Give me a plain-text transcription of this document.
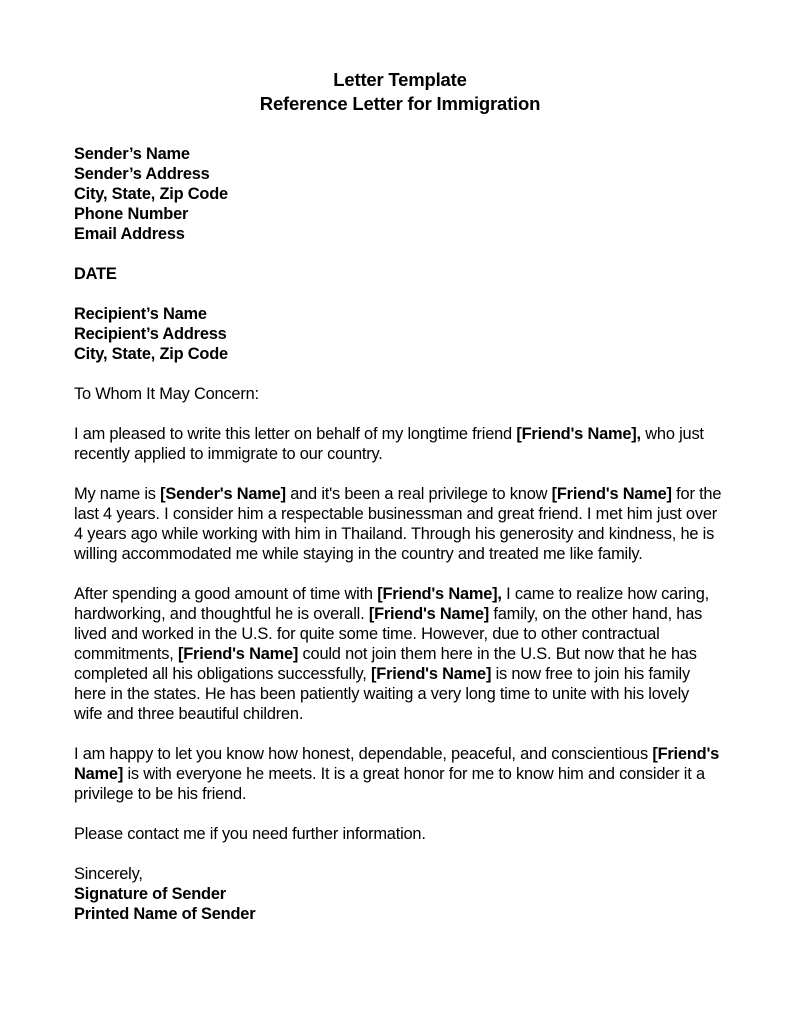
Letter Template
Reference Letter for Immigration
Sender’s Name
Sender’s Address
City, State, Zip Code
Phone Number
Email Address
DATE
Recipient’s Name
Recipient’s Address
City, State, Zip Code
To Whom It May Concern:
I am pleased to write this letter on behalf of my longtime friend [Friend's Name], who just
recently applied to immigrate to our country.
My name is [Sender's Name] and it's been a real privilege to know [Friend's Name] for the
last 4 years. I consider him a respectable businessman and great friend. I met him just over
4 years ago while working with him in Thailand. Through his generosity and kindness, he is
willing accommodated me while staying in the country and treated me like family.
After spending a good amount of time with [Friend's Name], I came to realize how caring,
hardworking, and thoughtful he is overall. [Friend's Name] family, on the other hand, has
lived and worked in the U.S. for quite some time. However, due to other contractual
commitments, [Friend's Name] could not join them here in the U.S. But now that he has
completed all his obligations successfully, [Friend's Name] is now free to join his family
here in the states. He has been patiently waiting a very long time to unite with his lovely
wife and three beautiful children.
I am happy to let you know how honest, dependable, peaceful, and conscientious [Friend's
Name] is with everyone he meets. It is a great honor for me to know him and consider it a
privilege to be his friend.
Please contact me if you need further information.
Sincerely,
Signature of Sender
Printed Name of Sender
